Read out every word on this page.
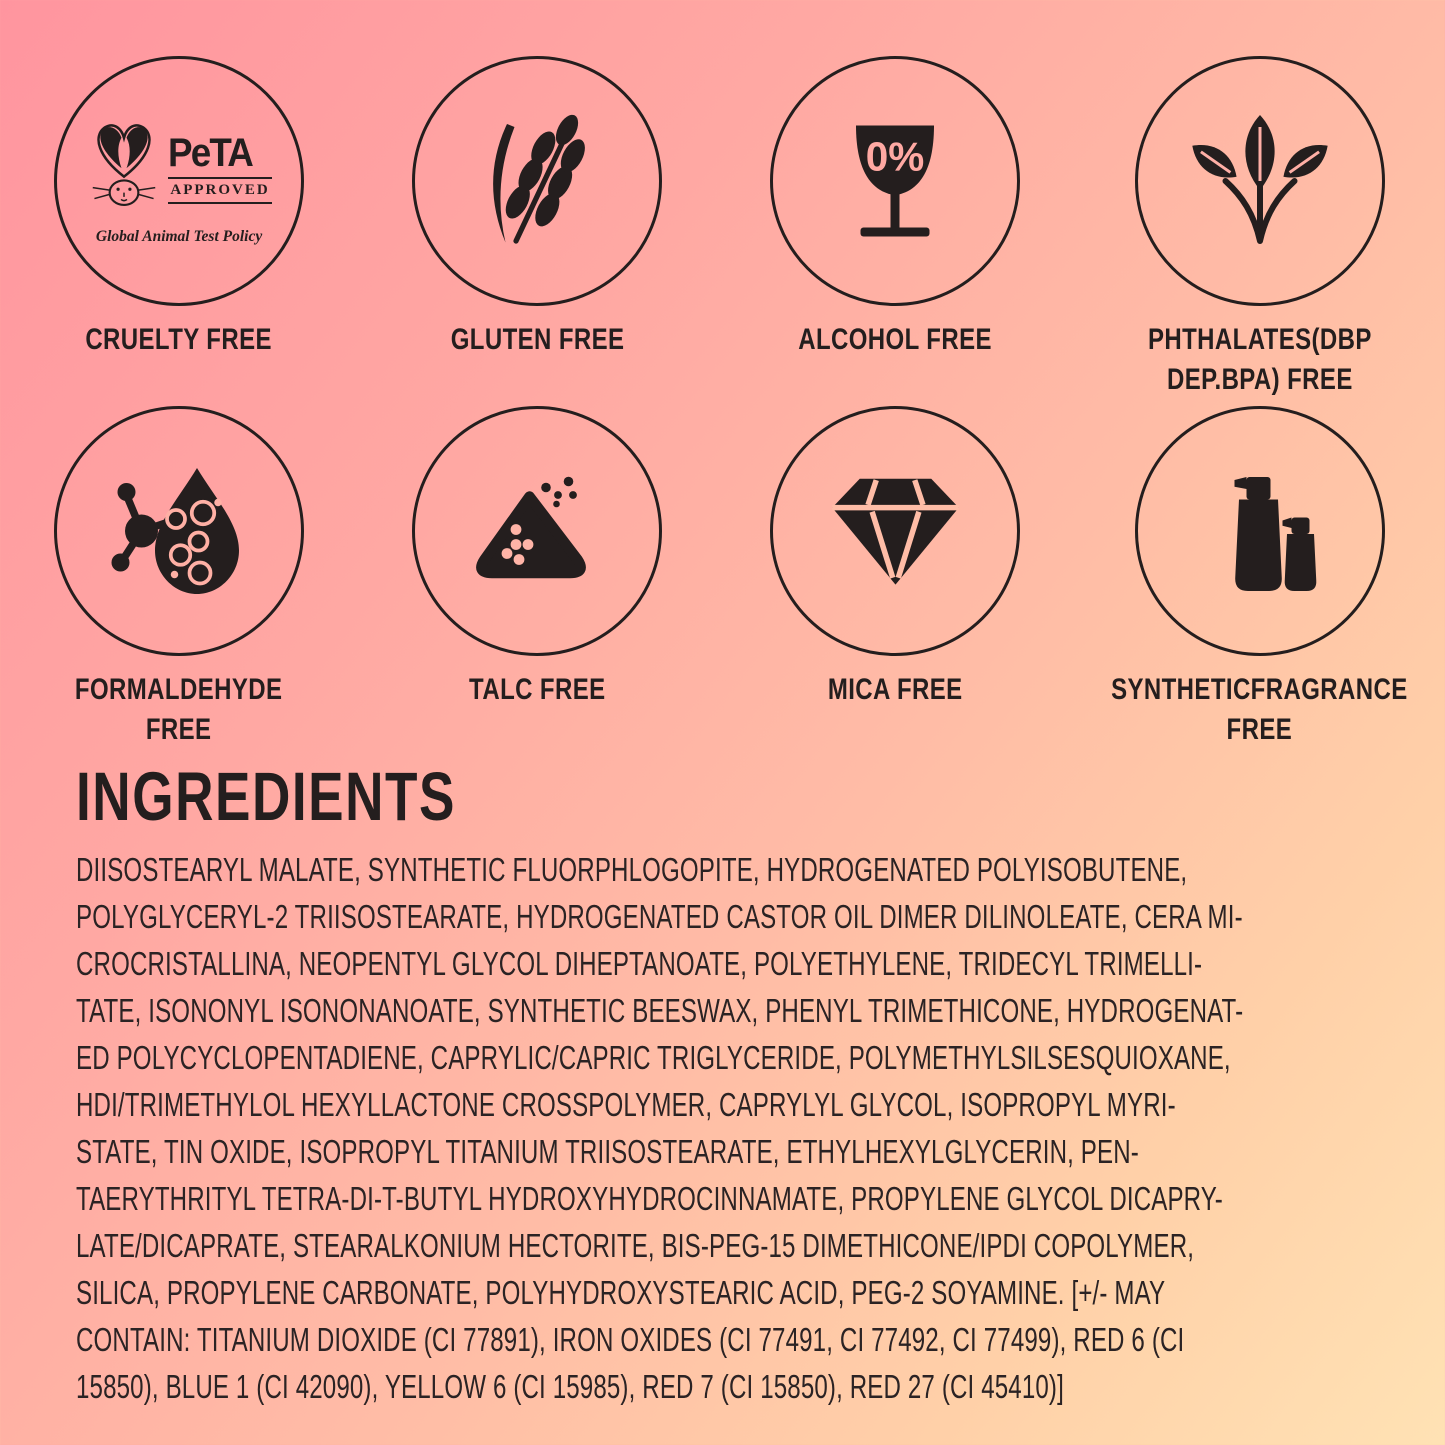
PeTA
APPROVED
Global Animal Test Policy
CRUELTY FREE	GLUTEN FREE
0%
ALCOHOL FREE	PHTHALATES(DBP
DEP.BPA) FREE
FORMALDEHYDE
FREE
TALC FREE	MICA FREE	SYNTHETICFRAGRANCE
FREE
INGREDIENTS
DIISOSTEARYL MALATE, SYNTHETIC FLUORPHLOGOPITE, HYDROGENATED POLYISOBUTENE,
POLYGLYCERYL-2 TRIISOSTEARATE, HYDROGENATED CASTOR OIL DIMER DILINOLEATE, CERA MI-
CROCRISTALLINA, NEOPENTYL GLYCOL DIHEPTANOATE, POLYETHYLENE, TRIDECYL TRIMELLI-
TATE, ISONONYL ISONONANOATE, SYNTHETIC BEESWAX, PHENYL TRIMETHICONE, HYDROGENAT-
ED POLYCYCLOPENTADIENE, CAPRYLIC/CAPRIC TRIGLYCERIDE, POLYMETHYLSILSESQUIOXANE,
HDI/TRIMETHYLOL HEXYLLACTONE CROSSPOLYMER, CAPRYLYL GLYCOL, ISOPROPYL MYRI-
STATE, TIN OXIDE, ISOPROPYL TITANIUM TRIISOSTEARATE, ETHYLHEXYLGLYCERIN, PEN-
TAERYTHRITYL TETRA-DI-T-BUTYL HYDROXYHYDROCINNAMATE, PROPYLENE GLYCOL DICAPRY-
LATE/DICAPRATE, STEARALKONIUM HECTORITE, BIS-PEG-15 DIMETHICONE/IPDI COPOLYMER,
SILICA, PROPYLENE CARBONATE, POLYHYDROXYSTEARIC ACID, PEG-2 SOYAMINE. [+/- MAY
CONTAIN: TITANIUM DIOXIDE (CI 77891), IRON OXIDES (CI 77491, CI 77492, CI 77499), RED 6 (CI
15850), BLUE 1 (CI 42090), YELLOW 6 (CI 15985), RED 7 (CI 15850), RED 27 (CI 45410)]
